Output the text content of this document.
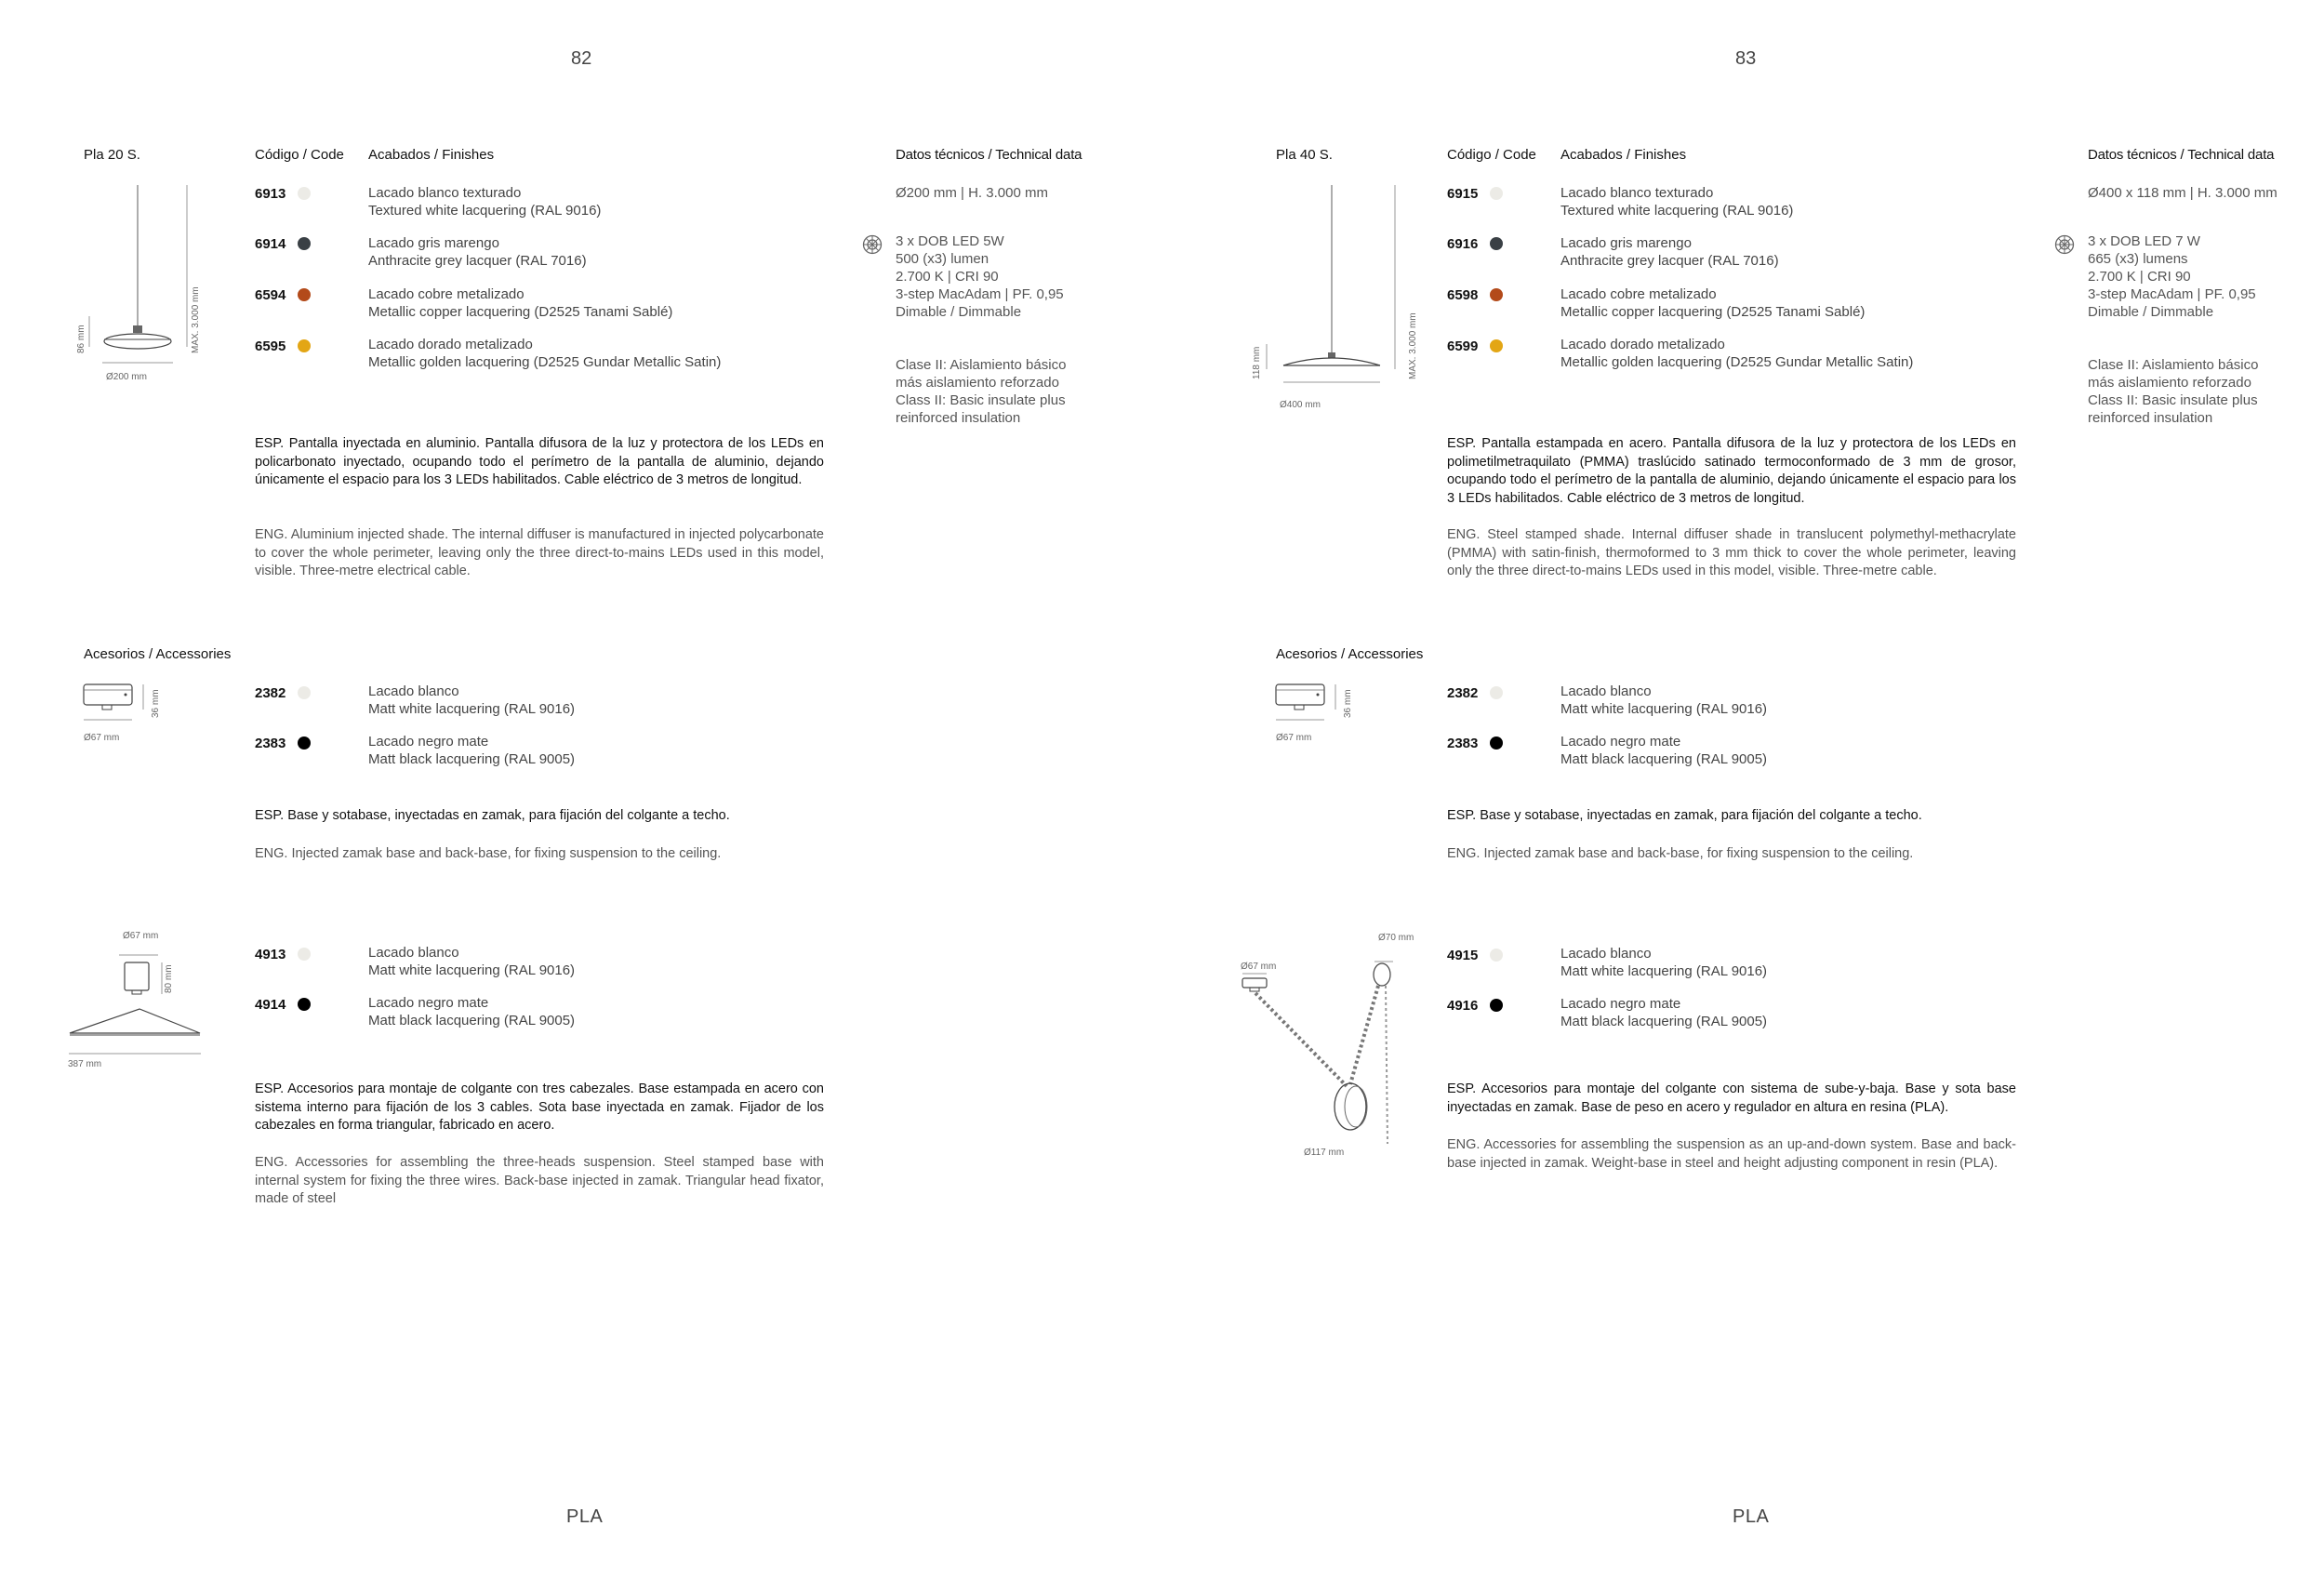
82
Pla 20 S.	Código / Code Acabados / Finishes	Datos técnicos / Technical data
86 mm	MAX. 3.000 mm
Ø200 mm
6913	Lacado blanco texturado
Textured white lacquering (RAL 9016)
6914	Lacado gris marengo
Anthracite grey lacquer (RAL 7016)
6594	Lacado cobre metalizado
Metallic copper lacquering (D2525 Tanami Sablé)
6595	Lacado dorado metalizado
Metallic golden lacquering (D2525 Gundar Metallic Satin)
Ø200 mm | H. 3.000 mm
3 x DOB LED 5W
500 (x3) lumen
2.700 K | CRI 90
3-step MacAdam | PF. 0,95
Dimable / Dimmable
Clase II: Aislamiento básico
más aislamiento reforzado
Class II: Basic insulate plus
reinforced insulation
ESP. Pantalla inyectada en aluminio. Pantalla difusora de la luz y protectora de los LEDs en policarbonato inyectado, ocupando todo el perímetro de la pantalla de aluminio, dejando únicamente el espacio para los 3 LEDs habilitados. Cable eléctrico de 3 metros de longitud.
ENG. Aluminium injected shade. The internal diffuser is manufactured in injected polycarbonate to cover the whole perimeter, leaving only the three direct-to-mains LEDs used in this model, visible. Three-metre electrical cable.
Acesorios / Accessories
36 mm
Ø67 mm
2382	Lacado blanco
Matt white lacquering (RAL 9016)
2383	Lacado negro mate
Matt black lacquering (RAL 9005)
ESP. Base y sotabase, inyectadas en zamak, para fijación del colgante a techo.
ENG. Injected zamak base and back-base, for fixing suspension to the ceiling.
Ø67 mm
80 mm
387 mm
4913	Lacado blanco
Matt white lacquering (RAL 9016)
4914	Lacado negro mate
Matt black lacquering (RAL 9005)
ESP. Accesorios para montaje de colgante con tres cabezales. Base estampada en acero con sistema interno para fijación de los 3 cables. Sota base inyectada en zamak. Fijador de los cabezales en forma triangular, fabricado en acero.
ENG. Accessories for assembling the three-heads suspension. Steel stamped base with internal system for fixing the three wires. Back-base injected in zamak. Triangular head fixator, made of steel
PLA
83
Pla 40 S.	Código / Code Acabados / Finishes	Datos técnicos / Technical data
118 mm	MAX. 3.000 mm
Ø400 mm
6915	Lacado blanco texturado
Textured white lacquering (RAL 9016)
6916	Lacado gris marengo
Anthracite grey lacquer (RAL 7016)
6598	Lacado cobre metalizado
Metallic copper lacquering (D2525 Tanami Sablé)
6599	Lacado dorado metalizado
Metallic golden lacquering (D2525 Gundar Metallic Satin)
Ø400 x 118 mm | H. 3.000 mm
3 x DOB LED 7 W
665 (x3) lumens
2.700 K | CRI 90
3-step MacAdam | PF. 0,95
Dimable / Dimmable
Clase II: Aislamiento básico
más aislamiento reforzado
Class II: Basic insulate plus
reinforced insulation
ESP. Pantalla estampada en acero. Pantalla difusora de la luz y protectora de los LEDs en polimetilmetraquilato (PMMA) traslúcido satinado termoconformado de 3 mm de grosor, ocupando todo el perímetro de la pantalla de aluminio, dejando únicamente el espacio para los 3 LEDs habilitados. Cable eléctrico de 3 metros de longitud.
ENG. Steel stamped shade. Internal diffuser shade in translucent polymethyl-methacrylate (PMMA) with satin-finish, thermoformed to 3 mm thick to cover the whole perimeter, leaving only the three direct-to-mains LEDs used in this model, visible. Three-metre cable.
Acesorios / Accessories
36 mm
Ø67 mm
2382	Lacado blanco
Matt white lacquering (RAL 9016)
2383	Lacado negro mate
Matt black lacquering (RAL 9005)
ESP. Base y sotabase, inyectadas en zamak, para fijación del colgante a techo.
ENG. Injected zamak base and back-base, for fixing suspension to the ceiling.
Ø67 mm
Ø70 mm
Ø117 mm
4915	Lacado blanco
Matt white lacquering (RAL 9016)
4916	Lacado negro mate
Matt black lacquering (RAL 9005)
ESP. Accesorios para montaje del colgante con sistema de sube-y-baja. Base y sota base inyectadas en zamak. Base de peso en acero y regulador en altura en resina (PLA).
ENG. Accessories for assembling the suspension as an up-and-down system. Base and back-base injected in zamak. Weight-base in steel and height adjusting component in resin (PLA).
PLA
